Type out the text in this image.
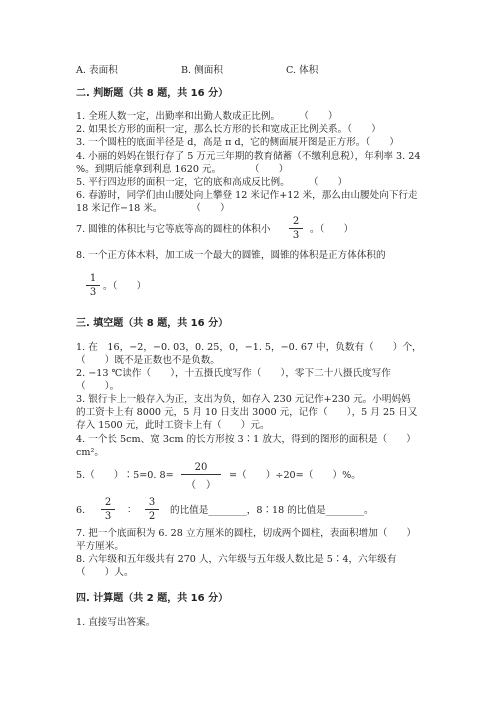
A. 表面积	B. 侧面积	C. 体积
二. 判断题（共 8 题，共 16 分）
1. 全班人数一定，出勤率和出勤人数成正比例。　　　（　　）
2. 如果长方形的面积一定，那么长方形的长和宽成正比例关系。（　　）
3. 一个圆柱的底面半径是 d，高是 π d，它的侧面展开图是正方形。（　　）
4. 小丽的妈妈在银行存了 5 万元三年期的教育储蓄（不缴利息税），年利率 3. 24
%。到期后能拿到利息 1620 元。　　　　（　　）
5. 平行四边形的面积一定，它的底和高成反比例。　　　（　　）
6. 春游时，同学们由山腰处向上攀登 12 米记作+12 米，那么由山腰处向下行走
18 米记作−18 米。　　　　（　　）
7. 圆锥的体积比与它等底等高的圆柱的体积小
2
3
。（　　）
8. 一个正方体木料，加工成一个最大的圆锥，圆锥的体积是正方体体积的
1
3
。（　　）
三. 填空题（共 8 题，共 16 分）
1. 在　16，−2，−0. 03，0. 25，0，−1. 5，−0. 67 中，负数有（　　）个，
（　　）既不是正数也不是负数。
2. −13 ℃读作（　　），十五摄氏度写作（　　），零下二十八摄氏度写作
（　　）。
3. 银行卡上一般存入为正，支出为负，如存入 230 元记作+230 元。小明妈妈
的工资卡上有 8000 元，5 月 10 日支出 3000 元，记作（　　），5 月 25 日又
存入 1500 元，此时工资卡上有（　　）元。
4. 一个长 5cm、宽 3cm 的长方形按 3∶1 放大，得到的图形的面积是（　　）
cm²。
5.（　　）∶5=0. 8=
20
（　）
=（　　）÷20=（　　）%。
6.
2
3
∶
3
2
的比值是________，8∶18 的比值是________。
7. 把一个底面积为 6. 28 立方厘米的圆柱，切成两个圆柱，表面积增加（　　）
平方厘米。
8. 六年级和五年级共有 270 人，六年级与五年级人数比是 5∶4，六年级有
（　　）人。
四. 计算题（共 2 题，共 16 分）
1. 直接写出答案。
